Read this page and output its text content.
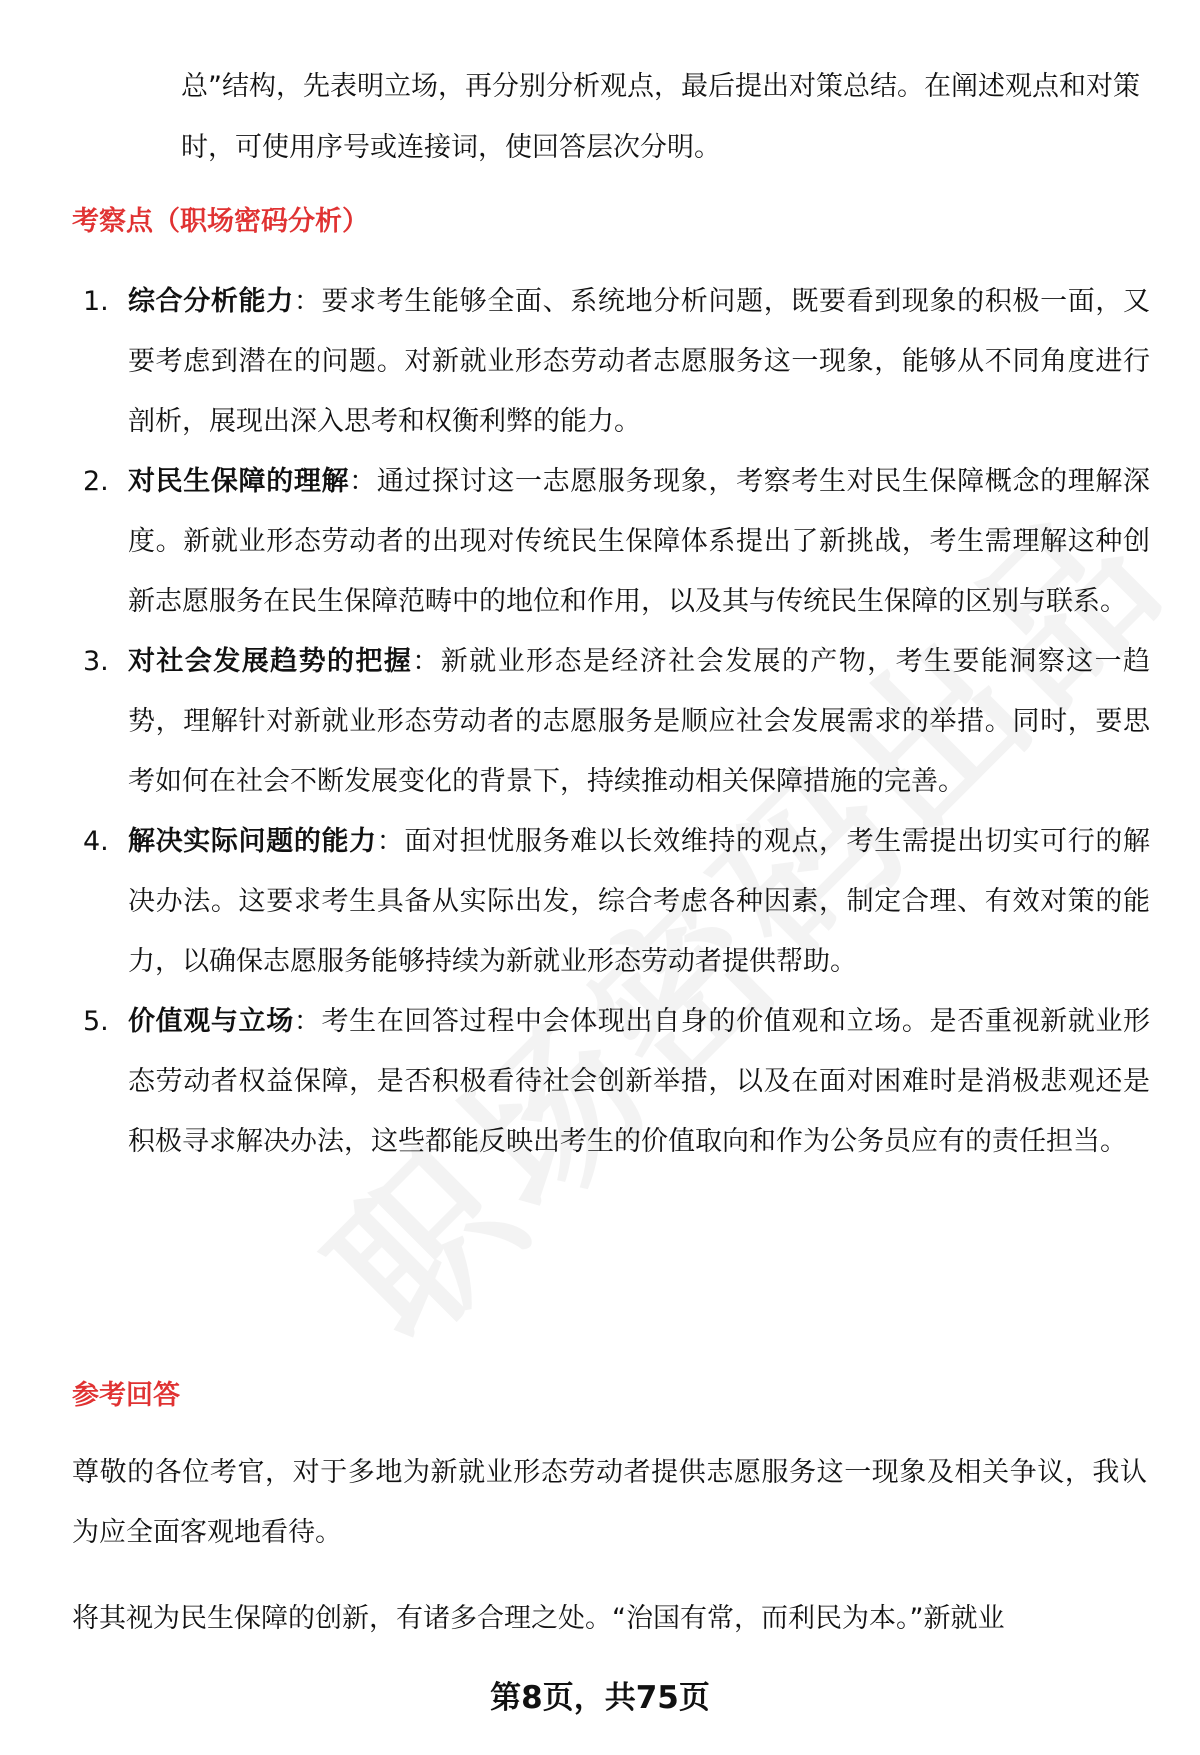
总”结构，先表明立场，再分别分析观点，最后提出对策总结。在阐述观点和对策时，可使用序号或连接词，使回答层次分明。

考察点（职场密码分析）
1. 综合分析能力：要求考生能够全面、系统地分析问题，既要看到现象的积极一面，又要考虑到潜在的问题。对新就业形态劳动者志愿服务这一现象，能够从不同角度进行剖析，展现出深入思考和权衡利弊的能力。

2. 对民生保障的理解：通过探讨这一志愿服务现象，考察考生对民生保障概念的理解深度。新就业形态劳动者的出现对传统民生保障体系提出了新挑战，考生需理解这种创新志愿服务在民生保障范畴中的地位和作用，以及其与传统民生保障的区别与联系。

3. 对社会发展趋势的把握：新就业形态是经济社会发展的产物，考生要能洞察这一趋势，理解针对新就业形态劳动者的志愿服务是顺应社会发展需求的举措。同时，要思考如何在社会不断发展变化的背景下，持续推动相关保障措施的完善。

4. 解决实际问题的能力：面对担忧服务难以长效维持的观点，考生需提出切实可行的解决办法。这要求考生具备从实际出发，综合考虑各种因素，制定合理、有效对策的能力，以确保志愿服务能够持续为新就业形态劳动者提供帮助。

5. 价值观与立场：考生在回答过程中会体现出自身的价值观和立场。是否重视新就业形态劳动者权益保障，是否积极看待社会创新举措，以及在面对困难时是消极悲观还是积极寻求解决办法，这些都能反映出考生的价值取向和作为公务员应有的责任担当。

参考回答

尊敬的各位考官，对于多地为新就业形态劳动者提供志愿服务这一现象及相关争议，我认为应全面客观地看待。

将其视为民生保障的创新，有诸多合理之处。“治国有常，而利民为本。”新就业

第8页，共75页
